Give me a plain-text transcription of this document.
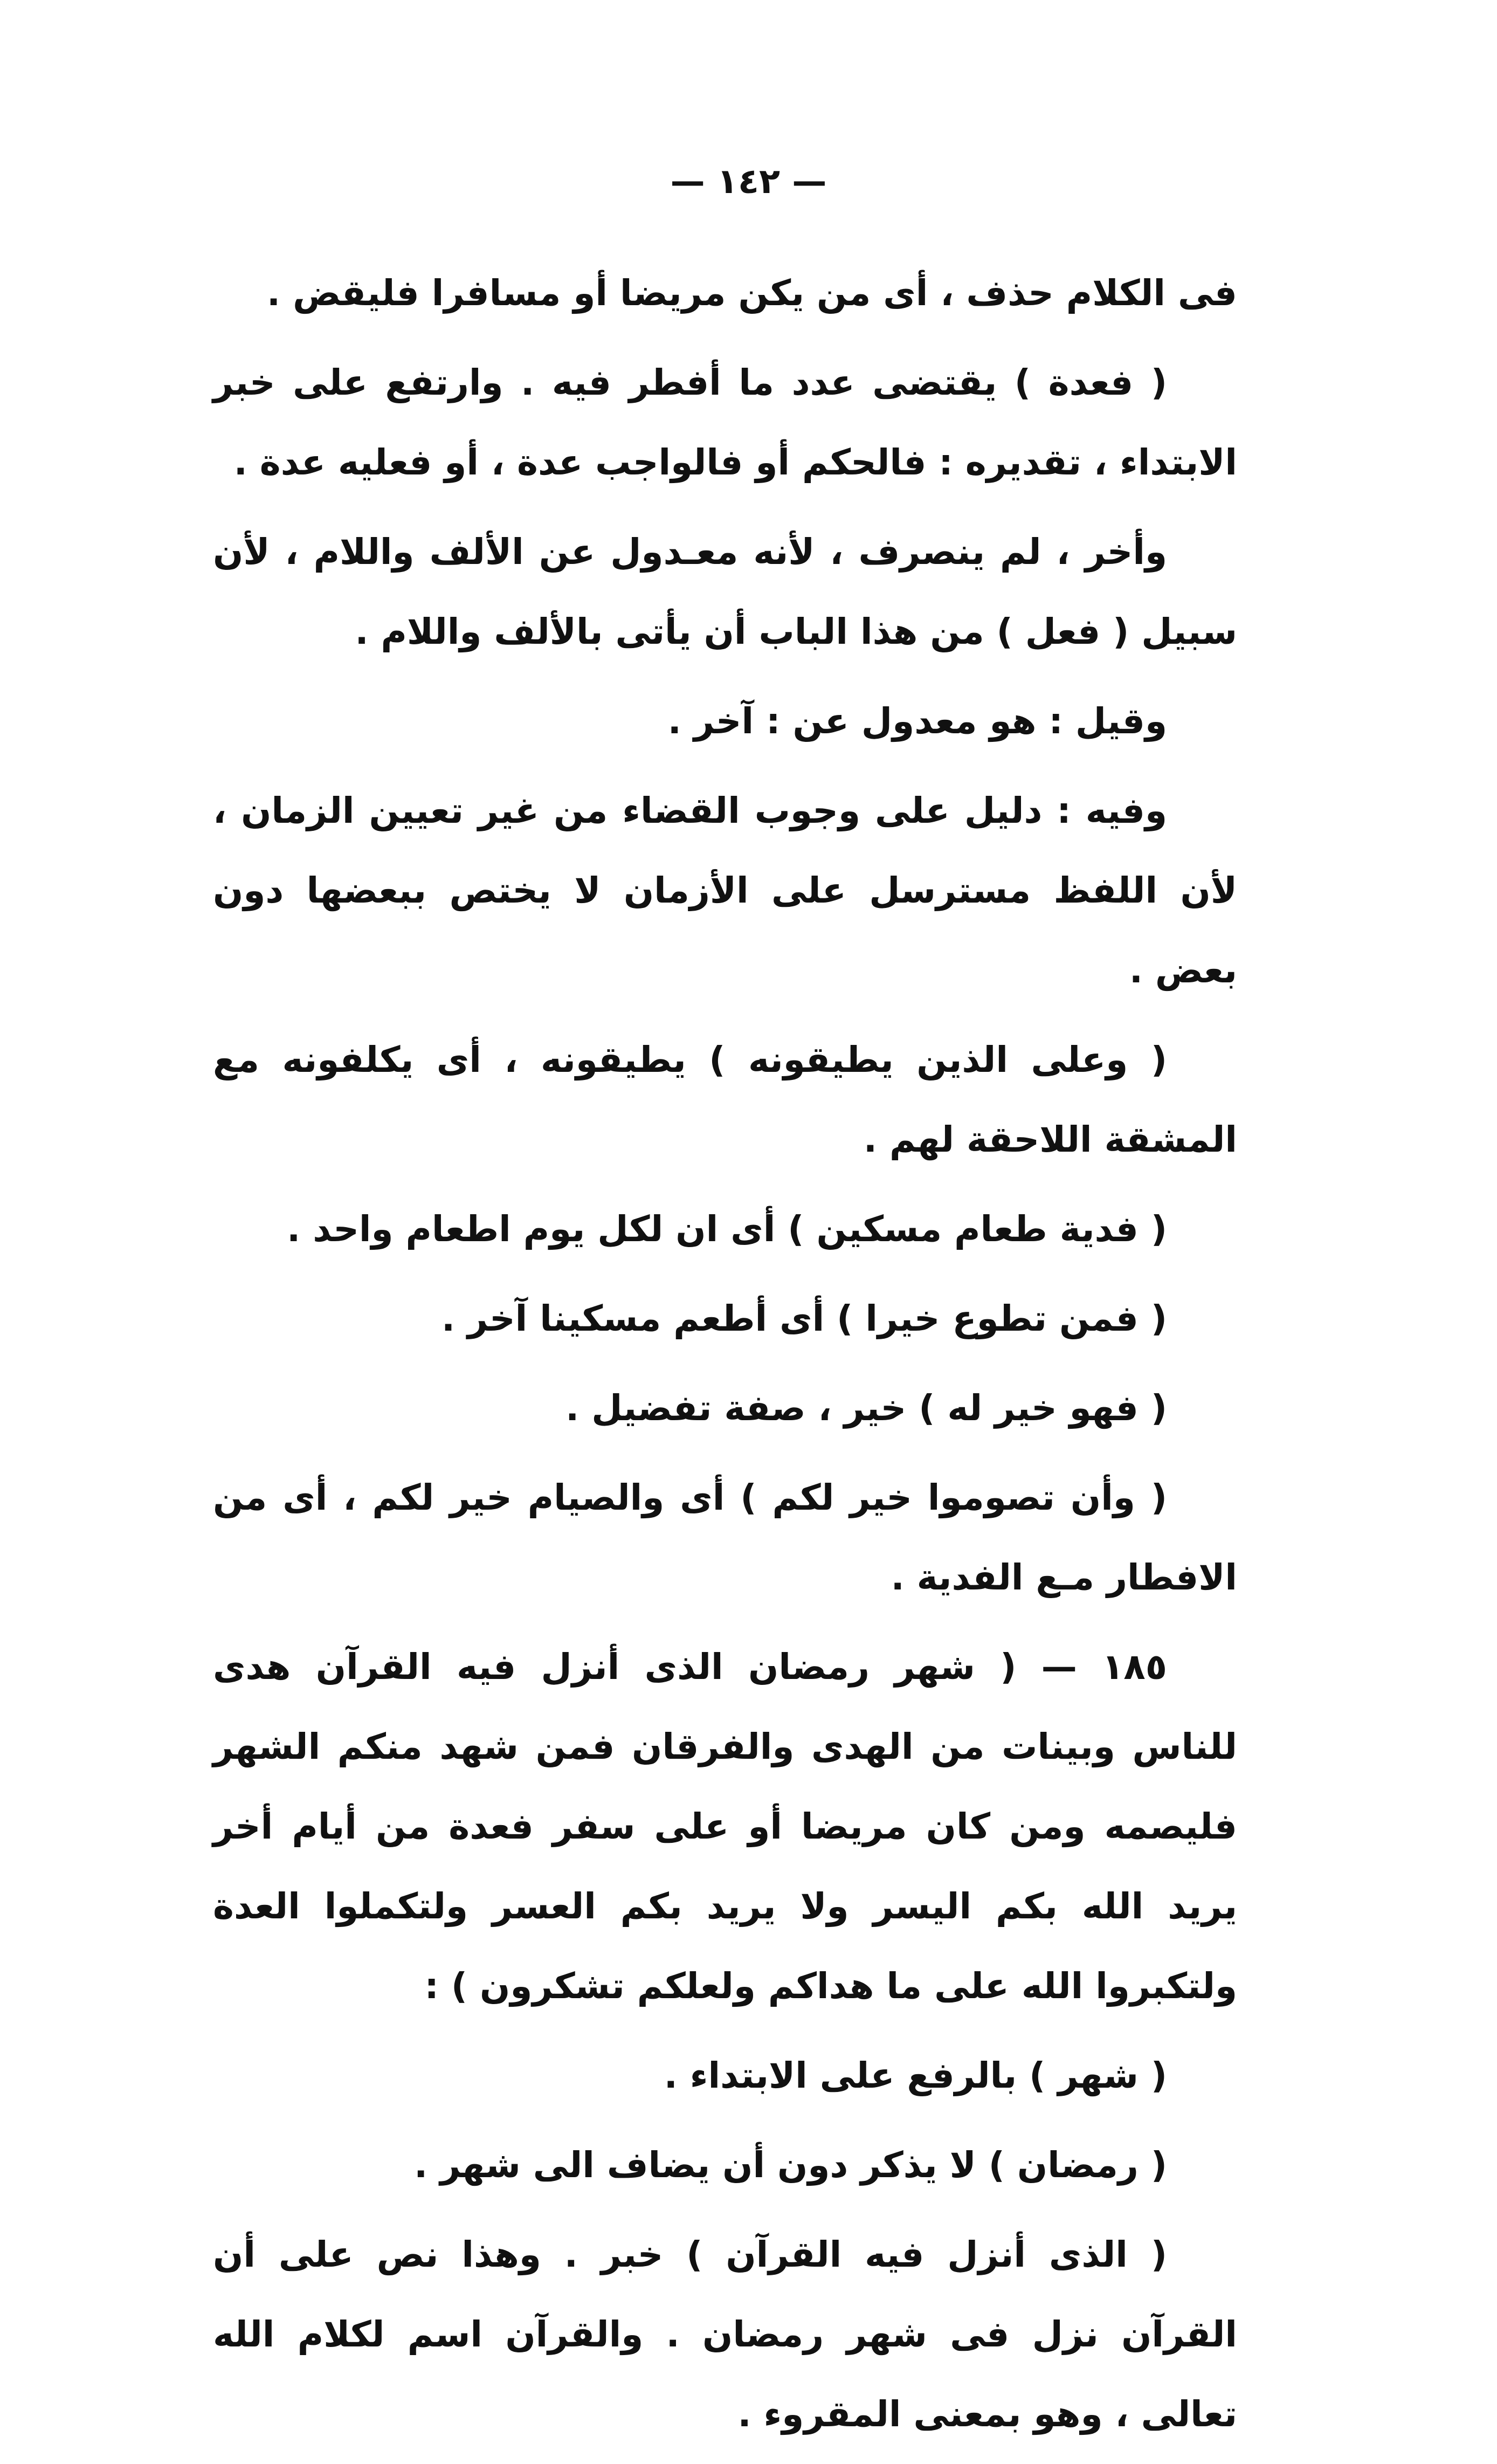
— ١٤٢ —

فى الكلام حذف ، أى من يكن مريضا أو مسافرا فليقض .

( فعدة ) يقتضى عدد ما أفطر فيه . وارتفع على خبر الابتداء ، تقديره : فالحكم أو فالواجب عدة ، أو فعليه عدة .

وأخر ، لم ينصرف ، لأنه معـدول عن الألف واللام ، لأن سبيل ( فعل ) من هذا الباب أن يأتى بالألف واللام .

وقيل : هو معدول عن : آخر .

وفيه : دليل على وجوب القضاء من غير تعيين الزمان ، لأن اللفظ مسترسل على الأزمان لا يختص ببعضها دون بعض .

( وعلى الذين يطيقونه ) يطيقونه ، أى يكلفونه مع المشقة اللاحقة لهم .

( فدية طعام مسكين ) أى ان لكل يوم اطعام واحد .

( فمن تطوع خيرا ) أى أطعم مسكينا آخر .

( فهو خير له ) خير ، صفة تفضيل .

( وأن تصوموا خير لكم ) أى والصيام خير لكم ، أى من الافطار مـع الفدية .

١٨٥ — ( شهر رمضان الذى أنزل فيه القرآن هدى للناس وبينات من الهدى والفرقان فمن شهد منكم الشهر فليصمه ومن كان مريضا أو على سفر فعدة من أيام أخر يريد الله بكم اليسر ولا يريد بكم العسر ولتكملوا العدة ولتكبروا الله على ما هداكم ولعلكم تشكرون ) :

( شهر ) بالرفع على الابتداء .

( رمضان ) لا يذكر دون أن يضاف الى شهر .

( الذى أنزل فيه القرآن ) خبر . وهذا نص على أن القرآن نزل فى شهر رمضان . والقرآن اسم لكلام الله تعالى ، وهو بمعنى المقروء .
